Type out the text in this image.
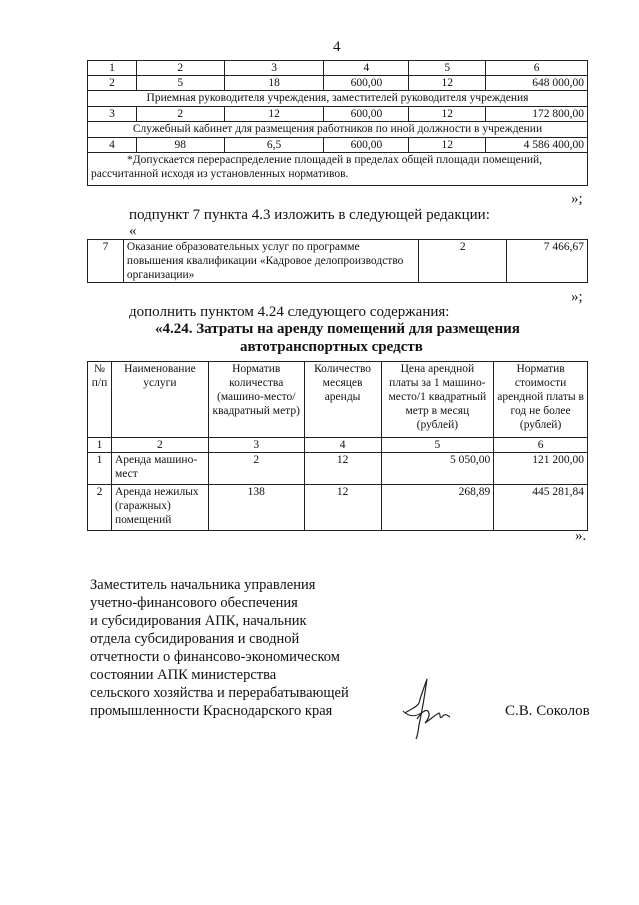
4
1	2	3	4	5	6
2	5	18	600,00	12	648 000,00
Приемная руководителя учреждения, заместителей руководителя учреждения					
3	2	12	600,00	12	172 800,00
Служебный кабинет для размещения работников по иной должности в учреждении					
4	98	6,5	600,00	12	4 586 400,00
*Допускается перераспределение площадей в пределах общей площади помещений, рассчитанной исходя из установленных нормативов.					
»;
подпункт 7 пункта 4.3 изложить в следующей редакции:
«
7	Оказание образовательных услуг по программе повышения квалификации «Кадровое делопроизводство организации»	2	7 466,67
»;
дополнить пунктом 4.24 следующего содержания:
«4.24. Затраты на аренду помещений для размещения
автотранспортных средств
№ п/п	Наименование услуги	Норматив количества (машино-место/ квадратный метр)	Количество месяцев аренды	Цена арендной платы за 1 машино-место/1 квадратный метр в месяц (рублей)	Норматив стоимости арендной платы в год не более (рублей)
1	2	3	4	5	6
1	Аренда машино-мест	2	12	5 050,00	121 200,00
2	Аренда нежилых (гаражных) помещений	138	12	268,89	445 281,84
».
Заместитель начальника управления
учетно-финансового обеспечения
и субсидирования АПК, начальник
отдела субсидирования и сводной
отчетности о финансово-экономическом
состоянии АПК министерства
сельского хозяйства и перерабатывающей
промышленности Краснодарского края	С.В. Соколов
